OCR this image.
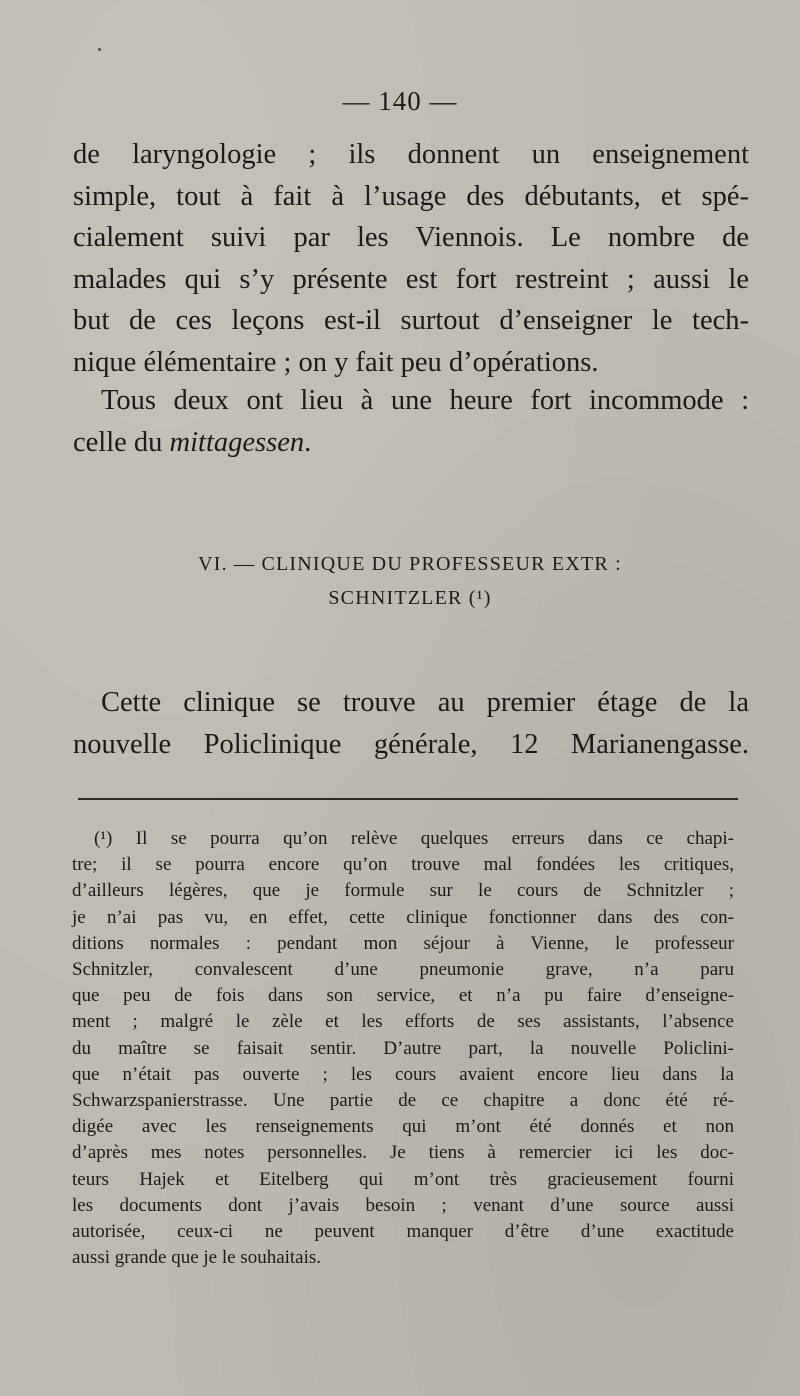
— 140 —
de laryngologie ; ils donnent un enseignement
simple, tout à fait à l’usage des débutants, et spé-
cialement suivi par les Viennois. Le nombre de
malades qui s’y présente est fort restreint ; aussi le
but de ces leçons est-il surtout d’enseigner le tech-
nique élémentaire ; on y fait peu d’opérations.
Tous deux ont lieu à une heure fort incommode :
celle du mittagessen.
VI. — CLINIQUE DU PROFESSEUR EXTR :
SCHNITZLER (¹)
Cette clinique se trouve au premier étage de la
nouvelle Policlinique générale, 12 Marianengasse.
(¹) Il se pourra qu’on relève quelques erreurs dans ce chapi-
tre; il se pourra encore qu’on trouve mal fondées les critiques,
d’ailleurs légères, que je formule sur le cours de Schnitzler ;
je n’ai pas vu, en effet, cette clinique fonctionner dans des con-
ditions normales : pendant mon séjour à Vienne, le professeur
Schnitzler, convalescent d’une pneumonie grave, n’a paru
que peu de fois dans son service, et n’a pu faire d’enseigne-
ment ; malgré le zèle et les efforts de ses assistants, l’absence
du maître se faisait sentir. D’autre part, la nouvelle Policlini-
que n’était pas ouverte ; les cours avaient encore lieu dans la
Schwarzspanierstrasse. Une partie de ce chapitre a donc été ré-
digée avec les renseignements qui m’ont été donnés et non
d’après mes notes personnelles. Je tiens à remercier ici les doc-
teurs Hajek et Eitelberg qui m’ont très gracieusement fourni
les documents dont j’avais besoin ; venant d’une source aussi
autorisée, ceux-ci ne peuvent manquer d’être d’une exactitude
aussi grande que je le souhaitais.
